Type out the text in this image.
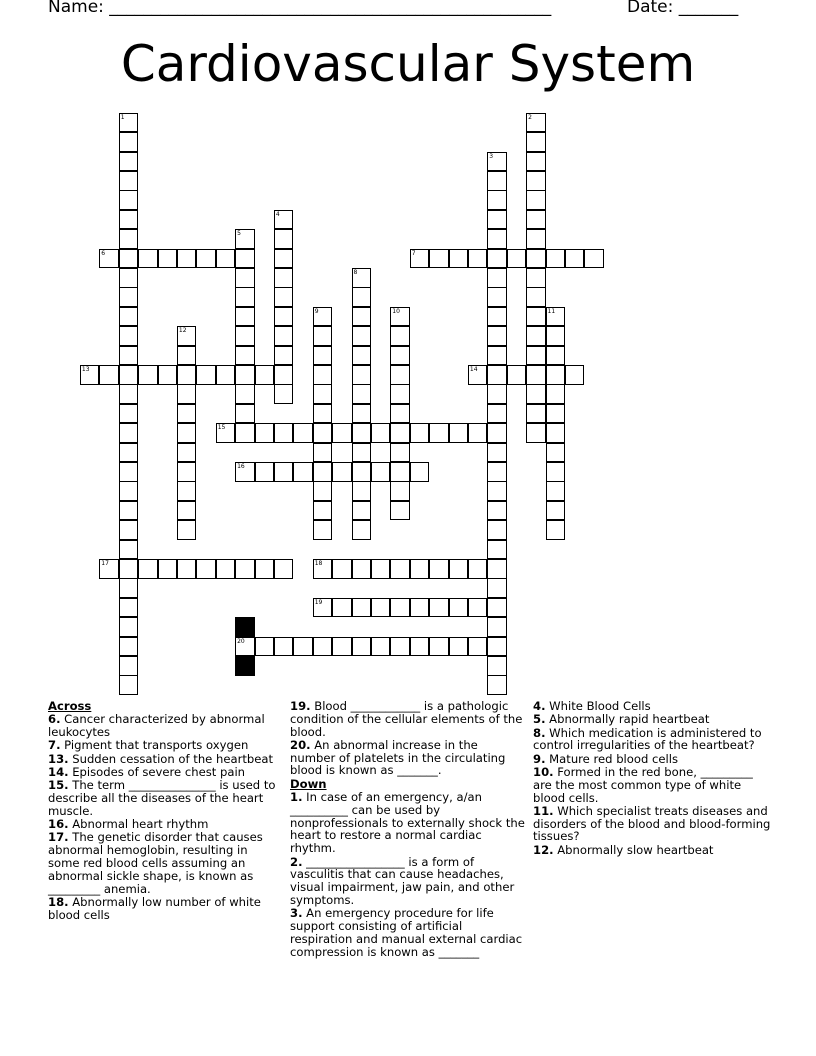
Name: ____________________________________________________	Date: _______
Cardiovascular System
1	2
3
4
5
6	7
8
9	10	11
12
13	14
15
16
17	18
19
20

Across

6. Cancer characterized by abnormal leukocytes

7. Pigment that transports oxygen

13. Sudden cessation of the heartbeat

14. Episodes of severe chest pain

15. The term _______________ is used to describe all the diseases of the heart muscle.

16. Abnormal heart rhythm

17. The genetic disorder that causes abnormal hemoglobin, resulting in some red blood cells assuming an abnormal sickle shape, is known as _________ anemia.

18. Abnormally low number of white blood cells

19. Blood ____________ is a pathologic condition of the cellular elements of the blood.

20. An abnormal increase in the number of platelets in the circulating blood is known as _______.

Down

1. In case of an emergency, a/an __________ can be used by nonprofessionals to externally shock the heart to restore a normal cardiac rhythm.

2. _________________ is a form of vasculitis that can cause headaches, visual impairment, jaw pain, and other symptoms.

3. An emergency procedure for life support consisting of artificial respiration and manual external cardiac compression is known as _______

4. White Blood Cells

5. Abnormally rapid heartbeat

8. Which medication is administered to control irregularities of the heartbeat?

9. Mature red blood cells

10. Formed in the red bone, _________ are the most common type of white blood cells.

11. Which specialist treats diseases and disorders of the blood and blood-forming tissues?

12. Abnormally slow heartbeat
